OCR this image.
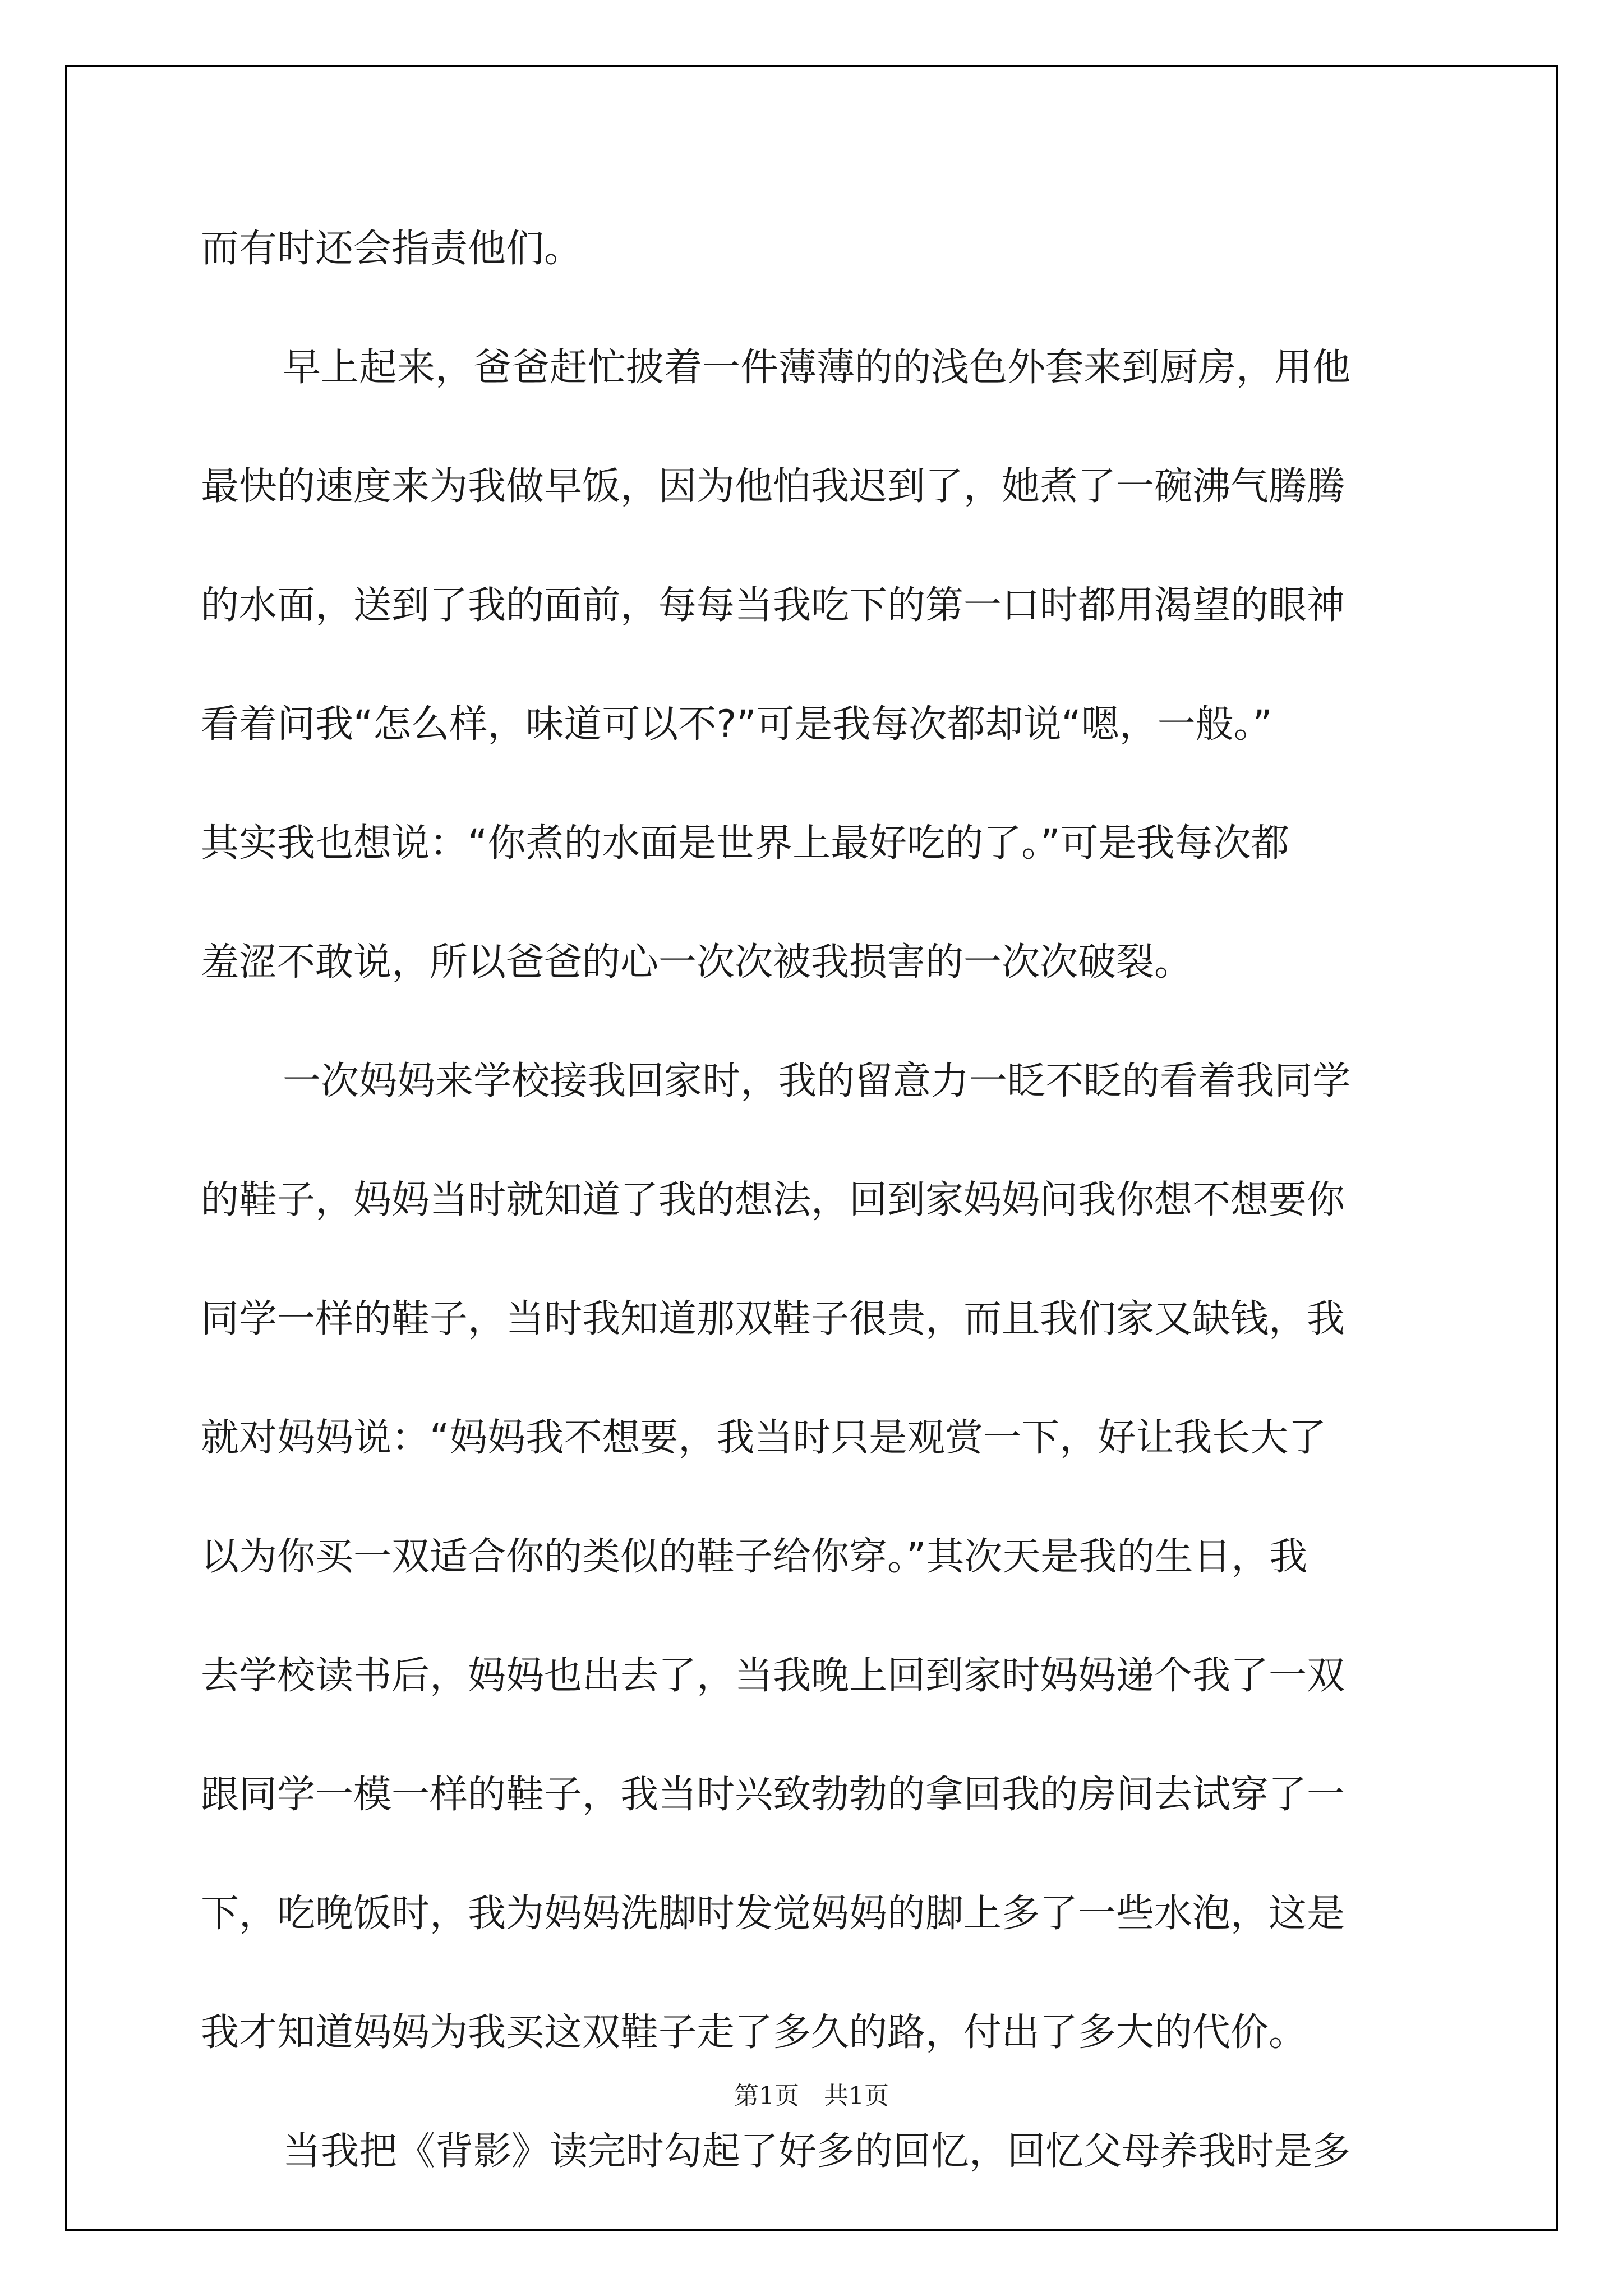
而有时还会指责他们。
早上起来，爸爸赶忙披着一件薄薄的的浅色外套来到厨房，用他
最快的速度来为我做早饭，因为他怕我迟到了，她煮了一碗沸气腾腾
的水面，送到了我的面前，每每当我吃下的第一口时都用渴望的眼神
看着问我“怎么样，味道可以不?”可是我每次都却说“嗯，一般。”
其实我也想说：“你煮的水面是世界上最好吃的了。”可是我每次都
羞涩不敢说，所以爸爸的心一次次被我损害的一次次破裂。
一次妈妈来学校接我回家时，我的留意力一眨不眨的看着我同学
的鞋子，妈妈当时就知道了我的想法，回到家妈妈问我你想不想要你
同学一样的鞋子，当时我知道那双鞋子很贵，而且我们家又缺钱，我
就对妈妈说：“妈妈我不想要，我当时只是观赏一下，好让我长大了
以为你买一双适合你的类似的鞋子给你穿。”其次天是我的生日，我
去学校读书后，妈妈也出去了，当我晚上回到家时妈妈递个我了一双
跟同学一模一样的鞋子，我当时兴致勃勃的拿回我的房间去试穿了一
下，吃晚饭时，我为妈妈洗脚时发觉妈妈的脚上多了一些水泡，这是
我才知道妈妈为我买这双鞋子走了多久的路，付出了多大的代价。
当我把《背影》读完时勾起了好多的回忆，回忆父母养我时是多
第1页　共1页
